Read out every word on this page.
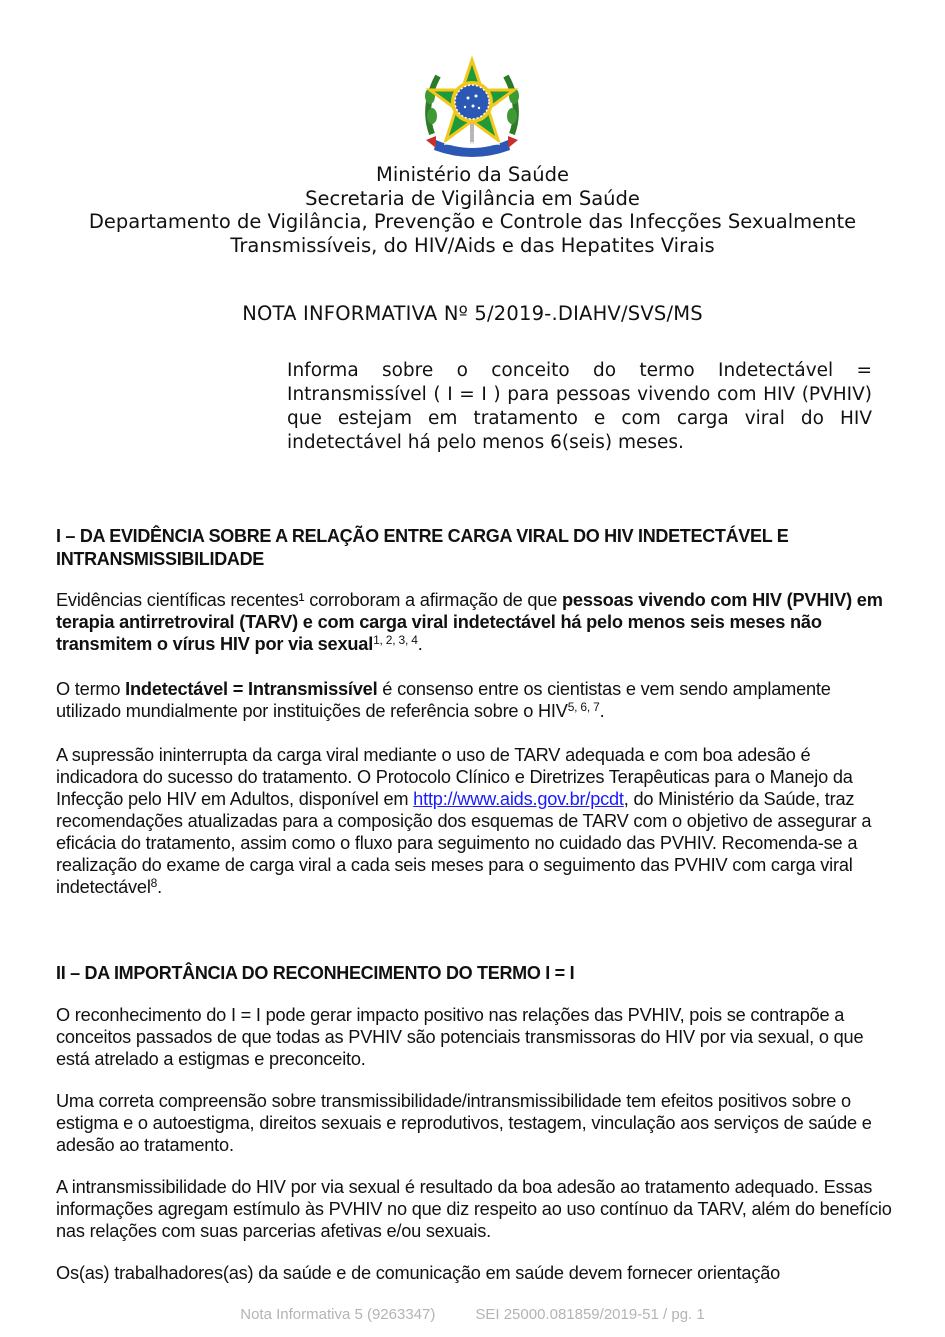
Ministério da Saúde
Secretaria de Vigilância em Saúde
Departamento de Vigilância, Prevenção e Controle das Infecções Sexualmente
Transmissíveis, do HIV/Aids e das Hepatites Virais
NOTA INFORMATIVA Nº 5/2019-.DIAHV/SVS/MS
Informa sobre o conceito do termo Indetectável = Intransmissível ( I = I ) para pessoas vivendo com HIV (PVHIV) que estejam em tratamento e com carga viral do HIV indetectável há pelo menos 6(seis) meses.
I – DA EVIDÊNCIA SOBRE A RELAÇÃO ENTRE CARGA VIRAL DO HIV INDETECTÁVEL E
INTRANSMISSIBILIDADE
Evidências científicas recentes¹ corroboram a afirmação de que pessoas vivendo com HIV (PVHIV) em terapia antirretroviral (TARV) e com carga viral indetectável há pelo menos seis meses não transmitem o vírus HIV por via sexual$^{1, 2, 3, 4}$.
O termo Indetectável = Intransmissível é consenso entre os cientistas e vem sendo amplamente utilizado mundialmente por instituições de referência sobre o HIV$^{5, 6, 7}$.
A supressão ininterrupta da carga viral mediante o uso de TARV adequada e com boa adesão é indicadora do sucesso do tratamento. O Protocolo Clínico e Diretrizes Terapêuticas para o Manejo da Infecção pelo HIV em Adultos, disponível em http://www.aids.gov.br/pcdt, do Ministério da Saúde, traz recomendações atualizadas para a composição dos esquemas de TARV com o objetivo de assegurar a eficácia do tratamento, assim como o fluxo para seguimento no cuidado das PVHIV. Recomenda-se a realização do exame de carga viral a cada seis meses para o seguimento das PVHIV com carga viral indetectável$^8$.
II – DA IMPORTÂNCIA DO RECONHECIMENTO DO TERMO I = I
O reconhecimento do I = I pode gerar impacto positivo nas relações das PVHIV, pois se contrapõe a conceitos passados de que todas as PVHIV são potenciais transmissoras do HIV por via sexual, o que está atrelado a estigmas e preconceito.
Uma correta compreensão sobre transmissibilidade/intransmissibilidade tem efeitos positivos sobre o estigma e o autoestigma, direitos sexuais e reprodutivos, testagem, vinculação aos serviços de saúde e adesão ao tratamento.
A intransmissibilidade do HIV por via sexual é resultado da boa adesão ao tratamento adequado. Essas informações agregam estímulo às PVHIV no que diz respeito ao uso contínuo da TARV, além do benefício nas relações com suas parcerias afetivas e/ou sexuais.
Os(as) trabalhadores(as) da saúde e de comunicação em saúde devem fornecer orientação
Nota Informativa 5 (9263347)	SEI 25000.081859/2019-51 / pg. 1
